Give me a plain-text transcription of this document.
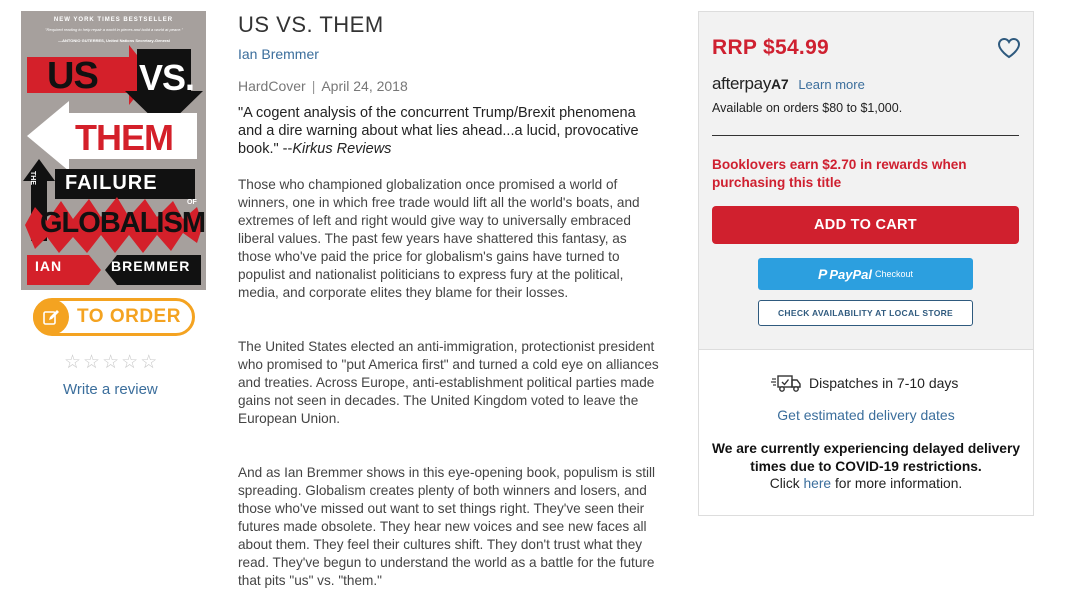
NEW YORK TIMES BESTSELLER
"Required reading to help repair a world in pieces and build a world at peace."
—ANTONIO GUTERRES, United Nations Secretary-General
US VS.
THEM
THE FAILURE
OF
GLOBALISM
IAN	BREMMER
TO ORDER
☆ ☆ ☆ ☆ ☆
Write a review
US VS. THEM
Ian Bremmer
HardCover | April 24, 2018
"A cogent analysis of the concurrent Trump/Brexit phenomena and a dire warning about what lies ahead...a lucid, provocative book." --Kirkus Reviews

Those who championed globalization once promised a world of winners, one in which free trade would lift all the world's boats, and extremes of left and right would give way to universally embraced liberal values. The past few years have shattered this fantasy, as those who've paid the price for globalism's gains have turned to populist and nationalist politicians to express fury at the political, media, and corporate elites they blame for their losses.

The United States elected an anti-immigration, protectionist president who promised to "put America first" and turned a cold eye on alliances and treaties. Across Europe, anti-establishment political parties made gains not seen in decades. The United Kingdom voted to leave the European Union.

And as Ian Bremmer shows in this eye-opening book, populism is still spreading. Globalism creates plenty of both winners and losers, and those who've missed out want to set things right. They've seen their futures made obsolete. They hear new voices and see new faces all about them. They feel their cultures shift. They don't trust what they read. They've begun to understand the world as a battle for the future that pits "us" vs. "them."

RRP $54.99
afterpayA7 Learn more
Available on orders $80 to $1,000.
Booklovers earn $2.70 in rewards when purchasing this title
ADD TO CART
P PayPal Checkout
CHECK AVAILABILITY AT LOCAL STORE
Dispatches in 7-10 days
Get estimated delivery dates
We are currently experiencing delayed delivery times due to COVID-19 restrictions.
Click here for more information.
